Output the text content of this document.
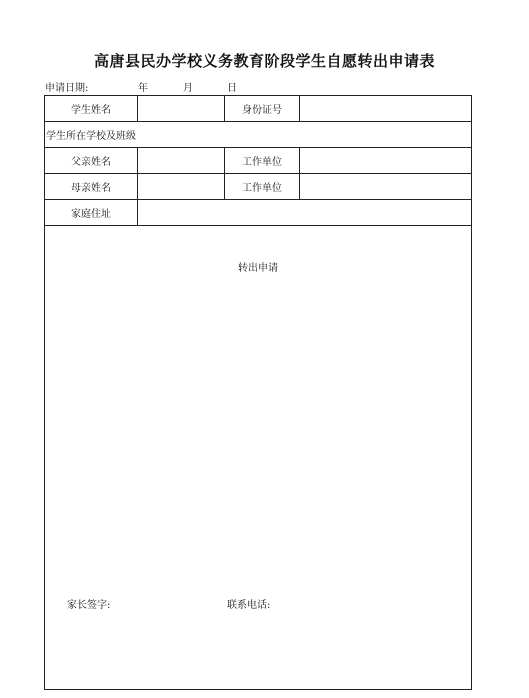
高唐县民办学校义务教育阶段学生自愿转出申请表
申请日期:	年	月	日
学生姓名	身份证号
学生所在学校及班级
父亲姓名	工作单位
母亲姓名	工作单位
家庭住址
转出申请
家长签字:	联系电话:
